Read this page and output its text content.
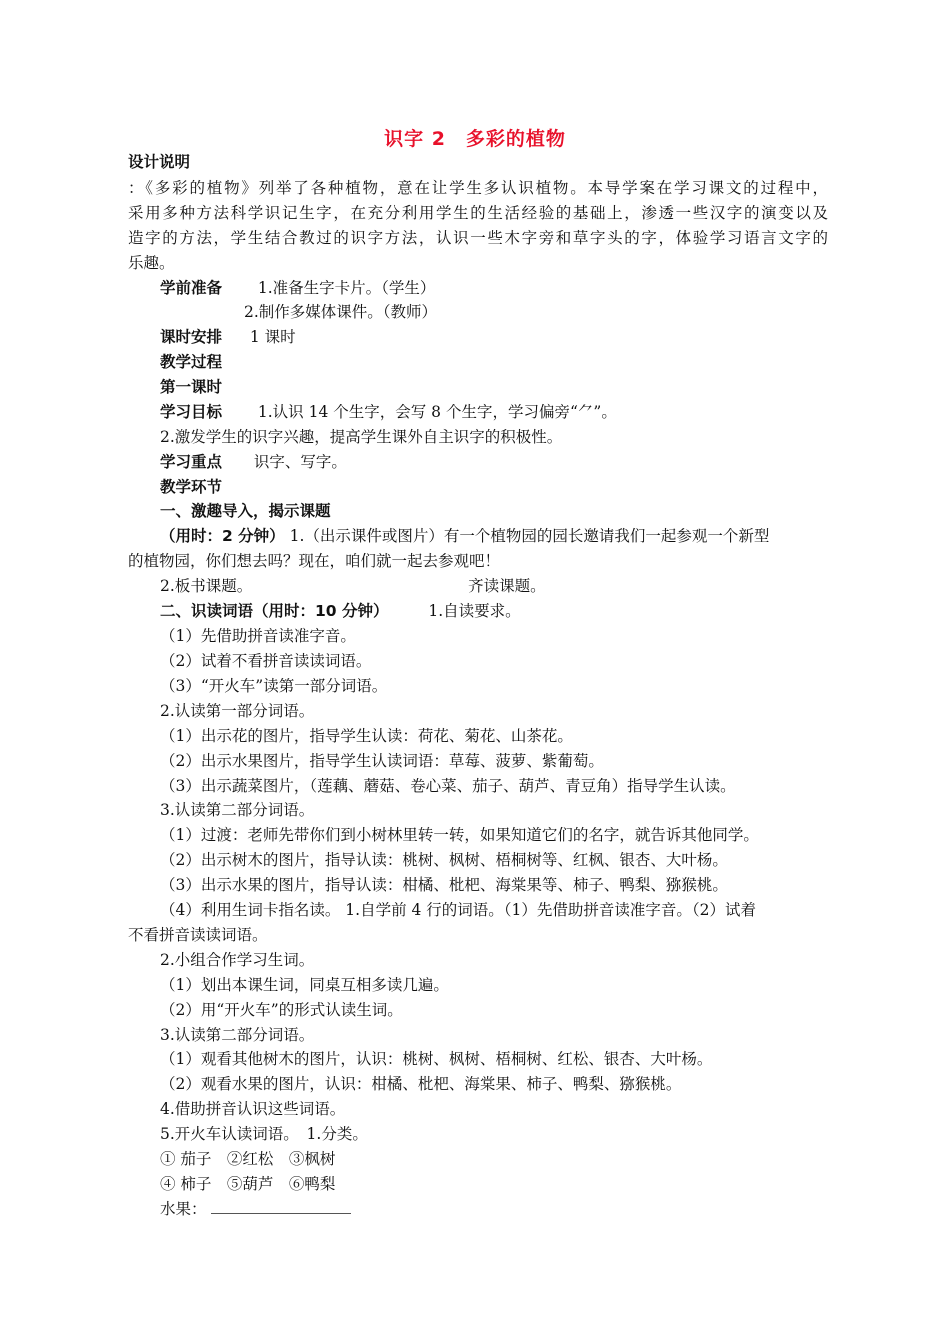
识字 2　多彩的植物
设计说明
：《多彩的植物》列举了各种植物，意在让学生多认识植物。本导学案在学习课文的过程中，
采用多种方法科学识记生字，在充分利用学生的生活经验的基础上，渗透一些汉字的演变以及
造字的方法，学生结合教过的识字方法，认识一些木字旁和草字头的字，体验学习语言文字的
乐趣。
学前准备 1.准备生字卡片。（学生）
2.制作多媒体课件。（教师）
课时安排 1 课时
教学过程
第一课时
学习目标 1.认识 14 个生字，会写 8 个生字，学习偏旁“⺈”。
2.激发学生的识字兴趣，提高学生课外自主识字的积极性。
学习重点 识字、写字。
教学环节
一、激趣导入，揭示课题
（用时：2 分钟） 1.（出示课件或图片）有一个植物园的园长邀请我们一起参观一个新型
的植物园，你们想去吗？现在，咱们就一起去参观吧！
2.板书课题。	齐读课题。
二、识读词语（用时：10 分钟）	1.自读要求。
（1）先借助拼音读准字音。
（2）试着不看拼音读读词语。
（3）“开火车”读第一部分词语。
2.认读第一部分词语。
（1）出示花的图片，指导学生认读：荷花、菊花、山茶花。
（2）出示水果图片，指导学生认读词语：草莓、菠萝、紫葡萄。
（3）出示蔬菜图片，（莲藕、蘑菇、卷心菜、茄子、葫芦、青豆角）指导学生认读。
3.认读第二部分词语。
（1）过渡：老师先带你们到小树林里转一转，如果知道它们的名字，就告诉其他同学。
（2）出示树木的图片，指导认读：桃树、枫树、梧桐树等、红枫、银杏、大叶杨。
（3）出示水果的图片，指导认读：柑橘、枇杷、海棠果等、柿子、鸭梨、猕猴桃。
（4）利用生词卡指名读。 1.自学前 4 行的词语。（1）先借助拼音读准字音。（2）试着
不看拼音读读词语。
2.小组合作学习生词。
（1）划出本课生词，同桌互相多读几遍。
（2）用“开火车”的形式认读生词。
3.认读第二部分词语。
（1）观看其他树木的图片，认识：桃树、枫树、梧桐树、红松、银杏、大叶杨。
（2）观看水果的图片，认识：柑橘、枇杷、海棠果、柿子、鸭梨、猕猴桃。
4.借助拼音认识这些词语。
5.开火车认读词语。　1.分类。
① 茄子　②红松　③枫树
④ 柿子　⑤葫芦　⑥鸭梨
水果：
